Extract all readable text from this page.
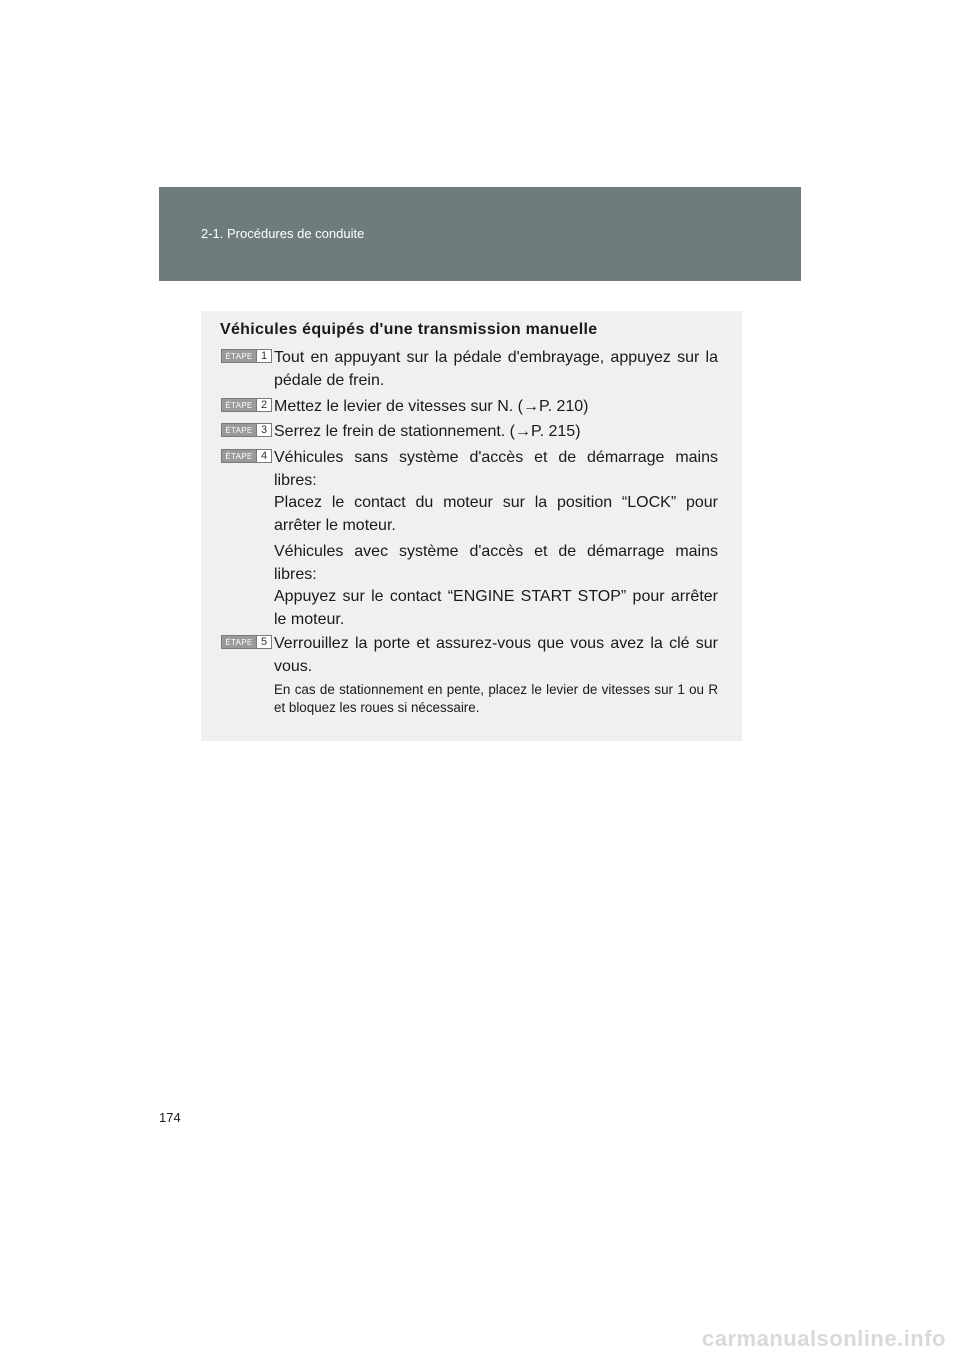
2-1. Procédures de conduite
Véhicules équipés d'une transmission manuelle
ÉTAPE 1 Tout en appuyant sur la pédale d'embrayage, appuyez sur la pédale de frein.
ÉTAPE 2 Mettez le levier de vitesses sur N. (→P. 210)
ÉTAPE 3 Serrez le frein de stationnement. (→P. 215)
ÉTAPE 4 Véhicules sans système d'accès et de démarrage mains libres:
Placez le contact du moteur sur la position “LOCK” pour arrêter le moteur.
Véhicules avec système d'accès et de démarrage mains libres:
Appuyez sur le contact “ENGINE START STOP” pour arrêter le moteur.
ÉTAPE 5 Verrouillez la porte et assurez-vous que vous avez la clé sur vous.
En cas de stationnement en pente, placez le levier de vitesses sur 1 ou R et bloquez les roues si nécessaire.
174
carmanualsonline.info
